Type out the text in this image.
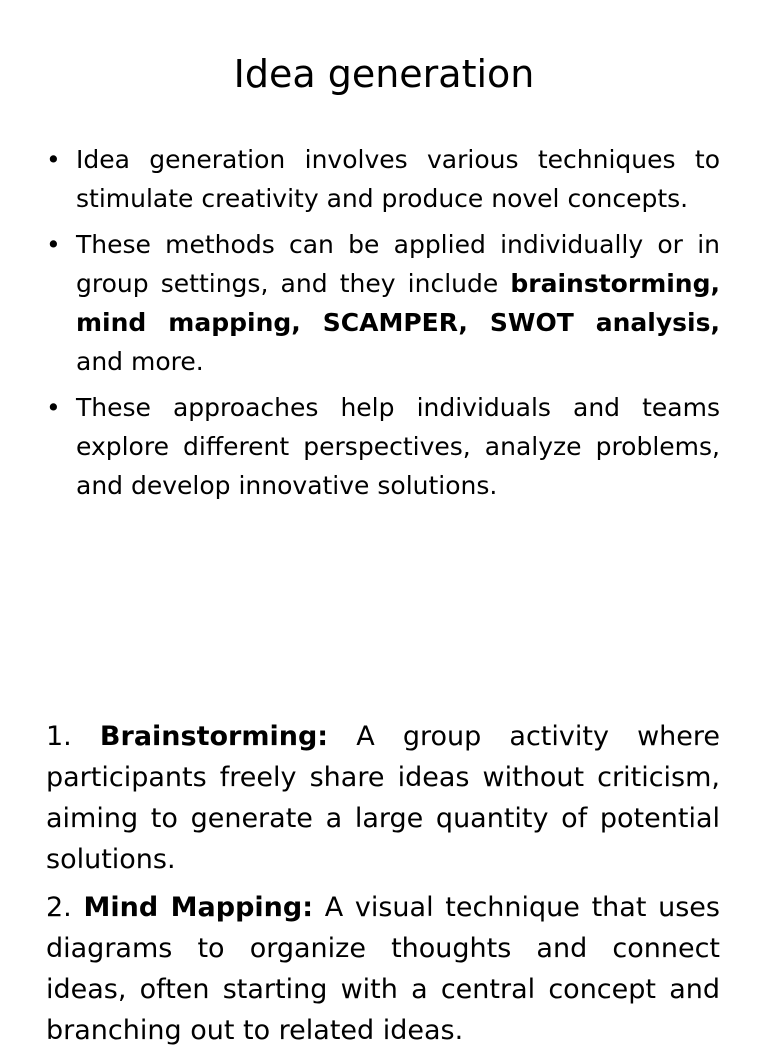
Idea generation
• Idea generation involves various techniques to stimulate creativity and produce novel concepts.
• These methods can be applied individually or in group settings, and they include brainstorming, mind mapping, SCAMPER, SWOT analysis, and more.
• These approaches help individuals and teams explore different perspectives, analyze problems, and develop innovative solutions.

1. Brainstorming: A group activity where participants freely share ideas without criticism, aiming to generate a large quantity of potential solutions.

2. Mind Mapping: A visual technique that uses diagrams to organize thoughts and connect ideas, often starting with a central concept and branching out to related ideas.
